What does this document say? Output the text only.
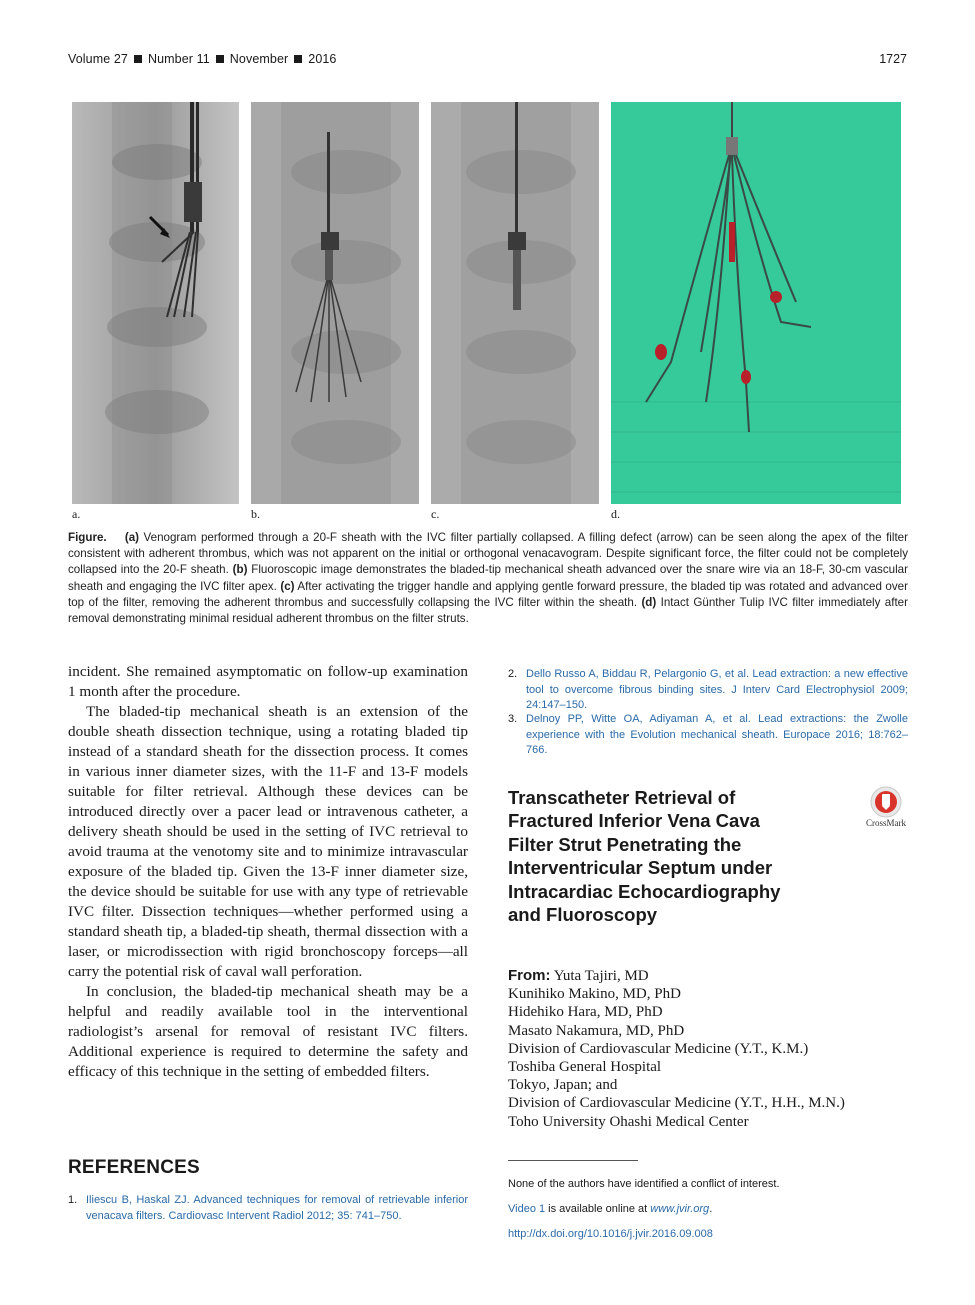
Volume 27 Number 11 November 2016	1727
a.	b.	c.	d.
Figure. (a) Venogram performed through a 20-F sheath with the IVC filter partially collapsed. A filling defect (arrow) can be seen along the apex of the filter consistent with adherent thrombus, which was not apparent on the initial or orthogonal venacavogram. Despite significant force, the filter could not be completely collapsed into the 20-F sheath. (b) Fluoroscopic image demonstrates the bladed-tip mechanical sheath advanced over the snare wire via an 18-F, 30-cm vascular sheath and engaging the IVC filter apex. (c) After activating the trigger handle and applying gentle forward pressure, the bladed tip was rotated and advanced over top of the filter, removing the adherent thrombus and successfully collapsing the IVC filter within the sheath. (d) Intact Günther Tulip IVC filter immediately after removal demonstrating minimal residual adherent thrombus on the filter struts.

incident. She remained asymptomatic on follow-up examination 1 month after the procedure.

The bladed-tip mechanical sheath is an extension of the double sheath dissection technique, using a rotating bladed tip instead of a standard sheath for the dissection process. It comes in various inner diameter sizes, with the 11-F and 13-F models suitable for filter retrieval. Although these devices can be introduced directly over a pacer lead or intravenous catheter, a delivery sheath should be used in the setting of IVC retrieval to avoid trauma at the venotomy site and to minimize intravascular exposure of the bladed tip. Given the 13-F inner diameter size, the device should be suitable for use with any type of retrievable IVC filter. Dissection techniques—whether performed using a standard sheath tip, a bladed-tip sheath, thermal dissection with a laser, or microdissection with rigid bronchoscopy forceps—all carry the potential risk of caval wall perforation.

In conclusion, the bladed-tip mechanical sheath may be a helpful and readily available tool in the interventional radiologist’s arsenal for removal of resistant IVC filters. Additional experience is required to determine the safety and efficacy of this technique in the setting of embedded filters.

REFERENCES
1. Iliescu B, Haskal ZJ. Advanced techniques for removal of retrievable inferior venacava filters. Cardiovasc Intervent Radiol 2012; 35: 741–750.
2. Dello Russo A, Biddau R, Pelargonio G, et al. Lead extraction: a new effective tool to overcome fibrous binding sites. J Interv Card Electrophysiol 2009; 24:147–150.
3. Delnoy PP, Witte OA, Adiyaman A, et al. Lead extractions: the Zwolle experience with the Evolution mechanical sheath. Europace 2016; 18:762–766.
Transcatheter Retrieval of Fractured Inferior Vena Cava Filter Strut Penetrating the Interventricular Septum under Intracardiac Echocardiography and Fluoroscopy
CrossMark
From: Yuta Tajiri, MD
Kunihiko Makino, MD, PhD
Hidehiko Hara, MD, PhD
Masato Nakamura, MD, PhD
Division of Cardiovascular Medicine (Y.T., K.M.)
Toshiba General Hospital
Tokyo, Japan; and
Division of Cardiovascular Medicine (Y.T., H.H., M.N.)
Toho University Ohashi Medical Center
None of the authors have identified a conflict of interest.
Video 1 is available online at www.jvir.org.
http://dx.doi.org/10.1016/j.jvir.2016.09.008
